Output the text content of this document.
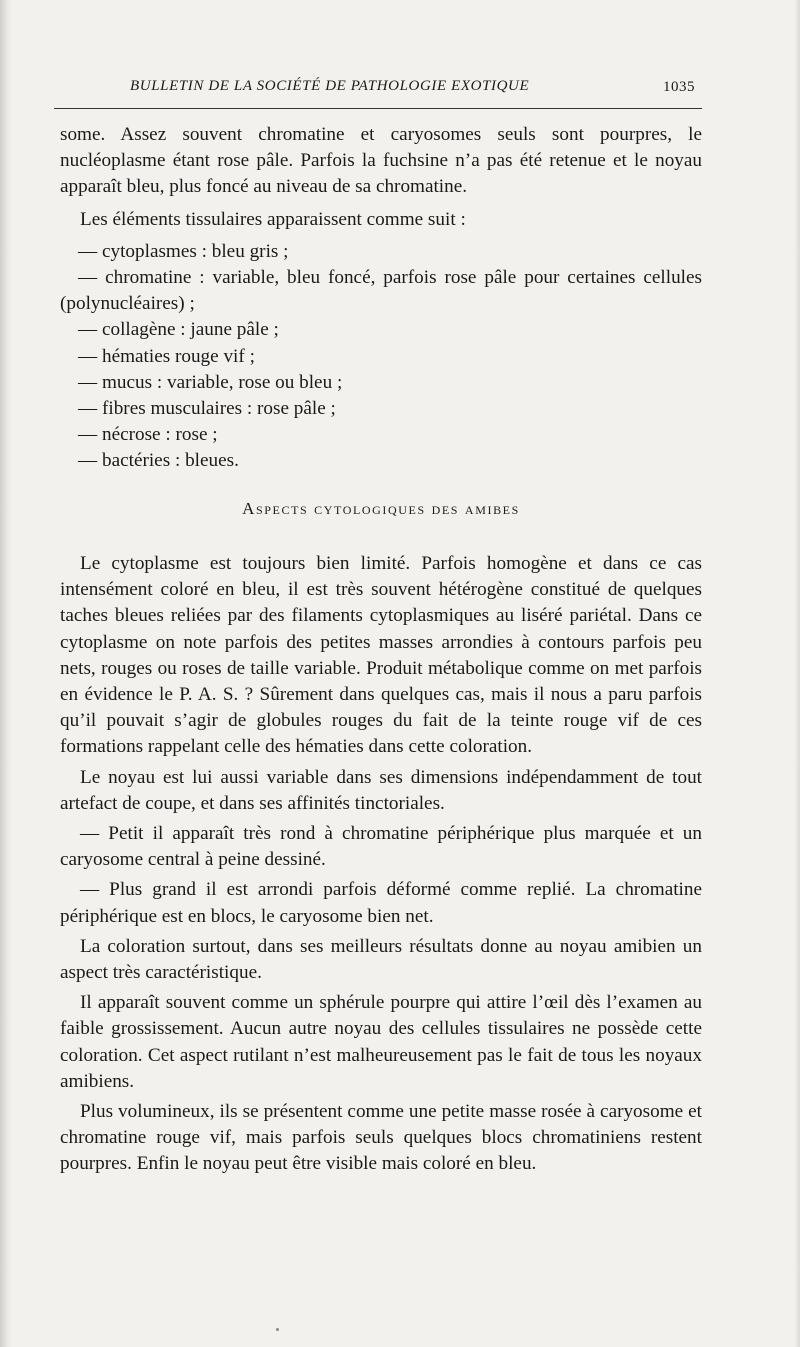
BULLETIN DE LA SOCIÉTÉ DE PATHOLOGIE EXOTIQUE	1035

some. Assez souvent chromatine et caryosomes seuls sont pourpres, le nucléoplasme étant rose pâle. Parfois la fuchsine n’a pas été retenue et le noyau apparaît bleu, plus foncé au niveau de sa chromatine.

Les éléments tissulaires apparaissent comme suit :

— cytoplasmes : bleu gris ;
— chromatine : variable, bleu foncé, parfois rose pâle pour certaines cellules (polynucléaires) ;
— collagène : jaune pâle ;
— hématies rouge vif ;
— mucus : variable, rose ou bleu ;
— fibres musculaires : rose pâle ;
— nécrose : rose ;
— bactéries : bleues.
Aspects cytologiques des amibes

Le cytoplasme est toujours bien limité. Parfois homogène et dans ce cas intensément coloré en bleu, il est très souvent hétérogène constitué de quelques taches bleues reliées par des filaments cytoplasmiques au liséré pariétal. Dans ce cytoplasme on note parfois des petites masses arrondies à contours parfois peu nets, rouges ou roses de taille variable. Produit métabolique comme on met parfois en évidence le P. A. S. ? Sûrement dans quelques cas, mais il nous a paru parfois qu’il pouvait s’agir de globules rouges du fait de la teinte rouge vif de ces formations rappelant celle des hématies dans cette coloration.

Le noyau est lui aussi variable dans ses dimensions indépendamment de tout artefact de coupe, et dans ses affinités tinctoriales.

— Petit il apparaît très rond à chromatine périphérique plus marquée et un caryosome central à peine dessiné.

— Plus grand il est arrondi parfois déformé comme replié. La chromatine périphérique est en blocs, le caryosome bien net.

La coloration surtout, dans ses meilleurs résultats donne au noyau amibien un aspect très caractéristique.

Il apparaît souvent comme un sphérule pourpre qui attire l’œil dès l’examen au faible grossissement. Aucun autre noyau des cellules tissulaires ne possède cette coloration. Cet aspect rutilant n’est malheureusement pas le fait de tous les noyaux amibiens.

Plus volumineux, ils se présentent comme une petite masse rosée à caryosome et chromatine rouge vif, mais parfois seuls quelques blocs chromatiniens restent pourpres. Enfin le noyau peut être visible mais coloré en bleu.
